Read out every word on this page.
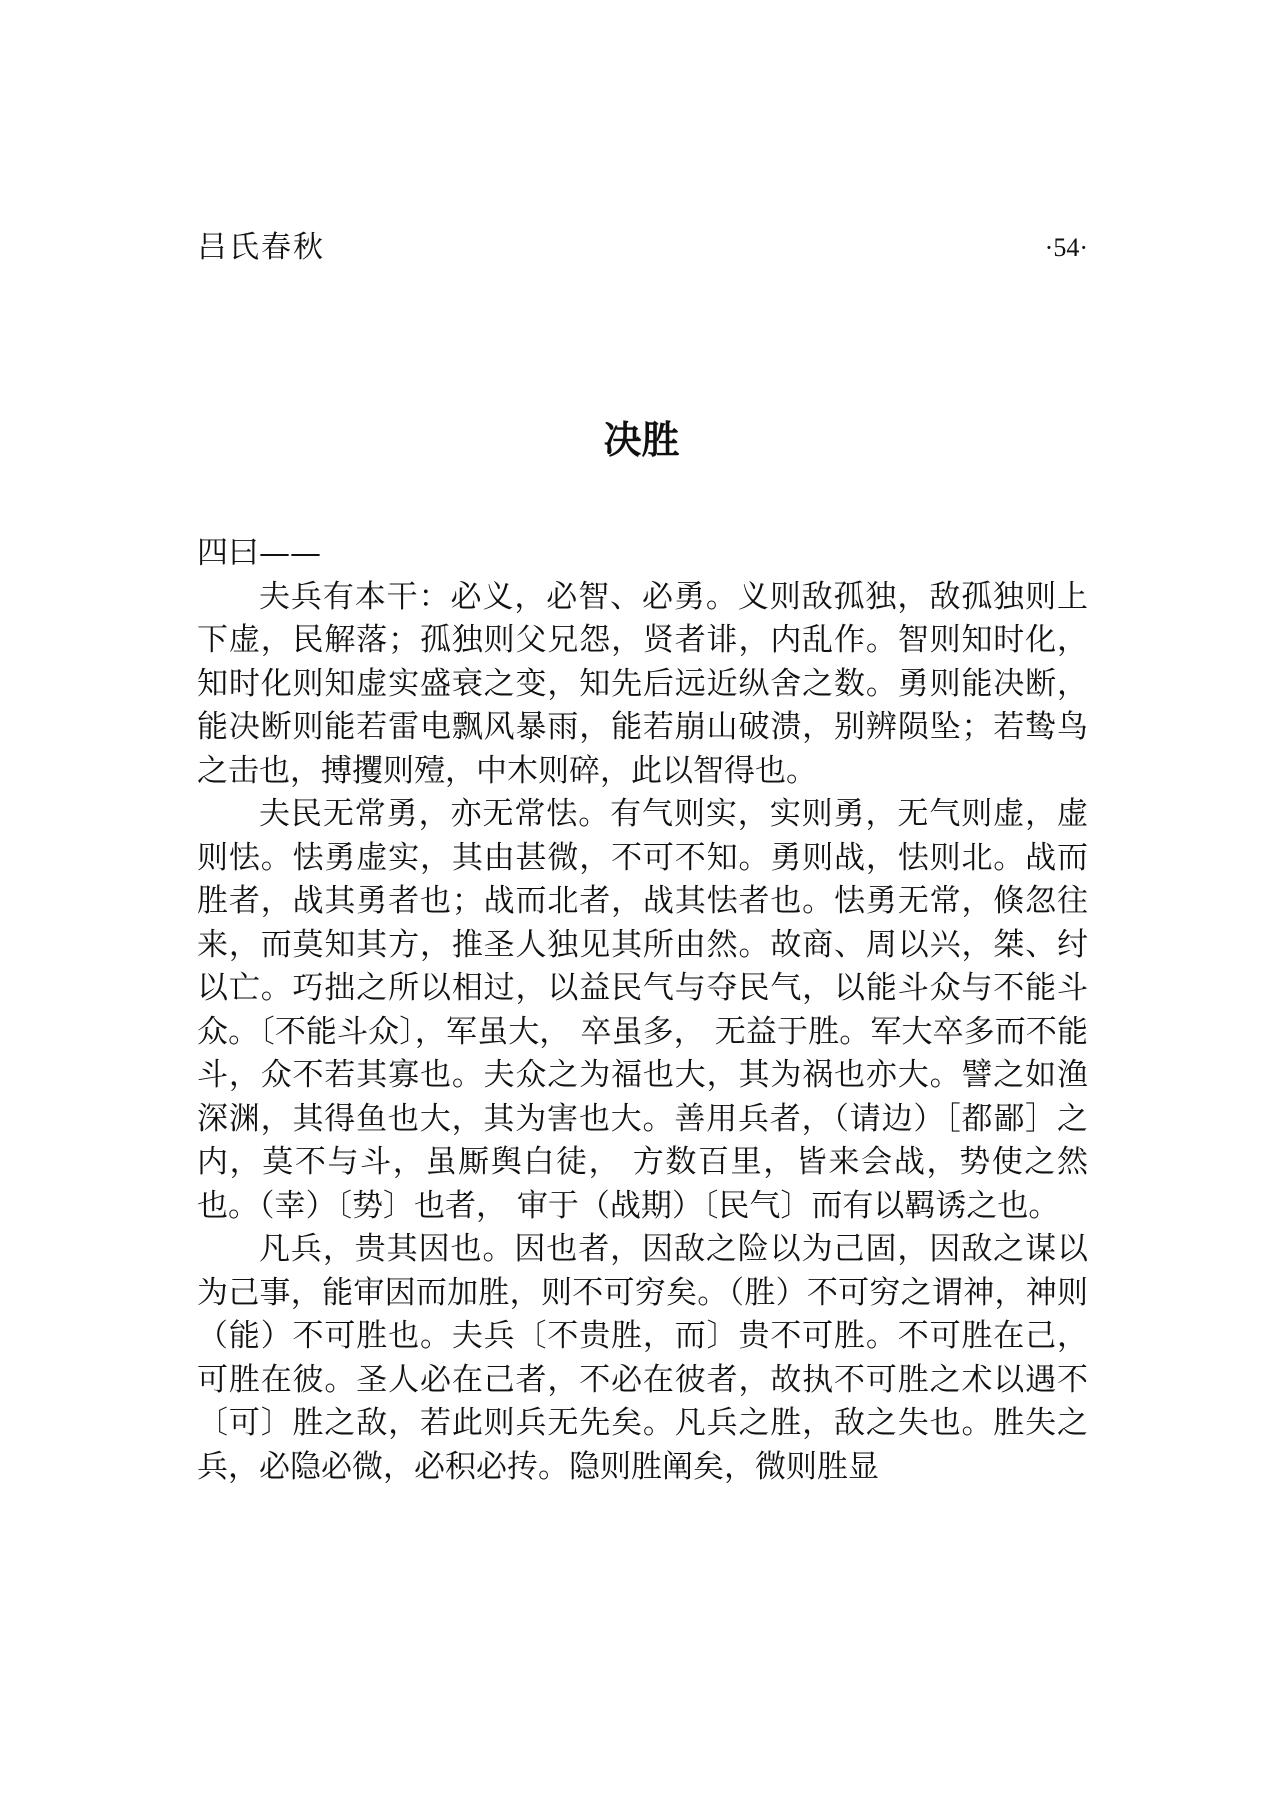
吕氏春秋	·54·
决胜

四曰——

夫兵有本干：必义，必智、必勇。义则敌孤独，敌孤独则上下虚，民解落；孤独则父兄怨，贤者诽，内乱作。智则知时化，知时化则知虚实盛衰之变，知先后远近纵舍之数。勇则能决断，能决断则能若雷电飘风暴雨，能若崩山破溃，别辨陨坠；若鸷鸟之击也，搏攫则殪，中木则碎，此以智得也。

夫民无常勇，亦无常怯。有气则实，实则勇，无气则虚，虚则怯。怯勇虚实，其由甚微，不可不知。勇则战，怯则北。战而胜者，战其勇者也；战而北者，战其怯者也。怯勇无常，倏忽往来，而莫知其方，推圣人独见其所由然。故商、周以兴，桀、纣以亡。巧拙之所以相过，以益民气与夺民气，以能斗众与不能斗众。〔不能斗众〕，军虽大， 卒虽多， 无益于胜。军大卒多而不能斗，众不若其寡也。夫众之为福也大，其为祸也亦大。譬之如渔深渊，其得鱼也大，其为害也大。善用兵者，（请边）［都鄙］之内，莫不与斗，虽厮舆白徒， 方数百里，皆来会战，势使之然也。（幸）〔势〕也者， 审于（战期）〔民气〕而有以羁诱之也。

凡兵，贵其因也。因也者，因敌之险以为己固，因敌之谋以为己事，能审因而加胜，则不可穷矣。（胜）不可穷之谓神，神则（能）不可胜也。夫兵〔不贵胜，而〕贵不可胜。不可胜在己，可胜在彼。圣人必在己者，不必在彼者，故执不可胜之术以遇不〔可〕胜之敌，若此则兵无先矣。凡兵之胜，敌之失也。胜失之兵，必隐必微，必积必抟。隐则胜阐矣，微则胜显
